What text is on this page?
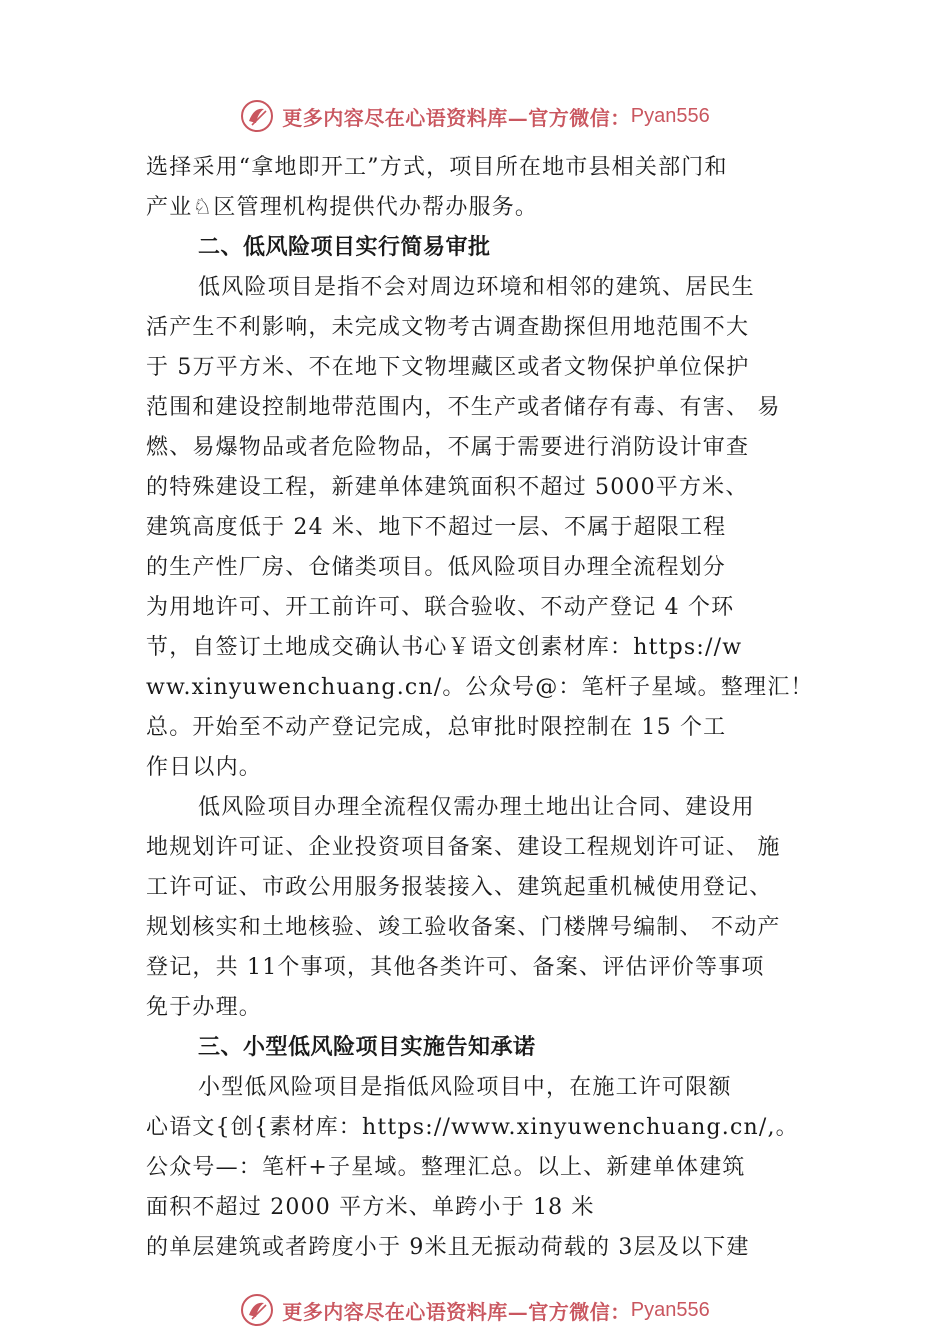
更多内容尽在心语资料库—官方微信： Pyan556
选择采用“拿地即开工”方式，项目所在地市县相关部门和
产业♘区管理机构提供代办帮办服务。
二、低风险项目实行简易审批
低风险项目是指不会对周边环境和相邻的建筑、居民生
活产生不利影响，未完成文物考古调查勘探但用地范围不大
于 5万平方米、不在地下文物埋藏区或者文物保护单位保护
范围和建设控制地带范围内，不生产或者储存有毒、有害、 易
燃、易爆物品或者危险物品，不属于需要进行消防设计审查
的特殊建设工程，新建单体建筑面积不超过 5000平方米、
建筑高度低于 24 米、地下不超过一层、不属于超限工程
的生产性厂房、仓储类项目。低风险项目办理全流程划分
为用地许可、开工前许可、联合验收、不动产登记 4 个环
节，自签订土地成交确认书心￥语文创素材库：https://w
ww.xinyuwenchuang.cn/。公众号@：笔杆子星域。整理汇！
总。开始至不动产登记完成，总审批时限控制在 15 个工
作日以内。
低风险项目办理全流程仅需办理土地出让合同、建设用
地规划许可证、企业投资项目备案、建设工程规划许可证、 施
工许可证、市政公用服务报装接入、建筑起重机械使用登记、
规划核实和土地核验、竣工验收备案、门楼牌号编制、 不动产
登记，共 11个事项，其他各类许可、备案、评估评价等事项
免于办理。
三、小型低风险项目实施告知承诺
小型低风险项目是指低风险项目中，在施工许可限额
心语文{创{素材库：https://www.xinyuwenchuang.cn/,。
公众号—：笔杆+子星域。整理汇总。以上、新建单体建筑
面积不超过 2000 平方米、单跨小于 18 米
的单层建筑或者跨度小于 9米且无振动荷载的 3层及以下建
更多内容尽在心语资料库—官方微信： Pyan556
